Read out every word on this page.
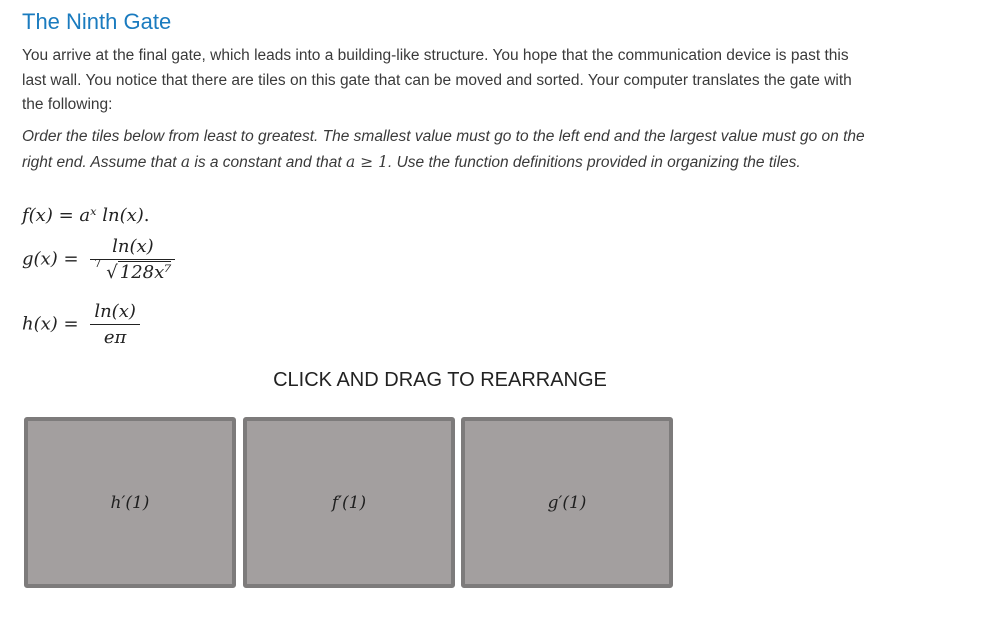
The Ninth Gate

You arrive at the final gate, which leads into a building-like structure. You hope that the communication device is past this last wall. You notice that there are tiles on this gate that can be moved and sorted. Your computer translates the gate with the following:

Order the tiles below from least to greatest. The smallest value must go to the left end and the largest value must go on the right end. Assume that a is a constant and that a ≥ 1. Use the function definitions provided in organizing the tiles.

f(x) = aˣ ln(x).
$g(x) = \frac{\ln(x)}{\text{7 √ 128x⁷}}$
$h(x) = \frac{\ln(x)}{e\pi}$
CLICK AND DRAG TO REARRANGE
h′(1)	f′(1)	g′(1)
